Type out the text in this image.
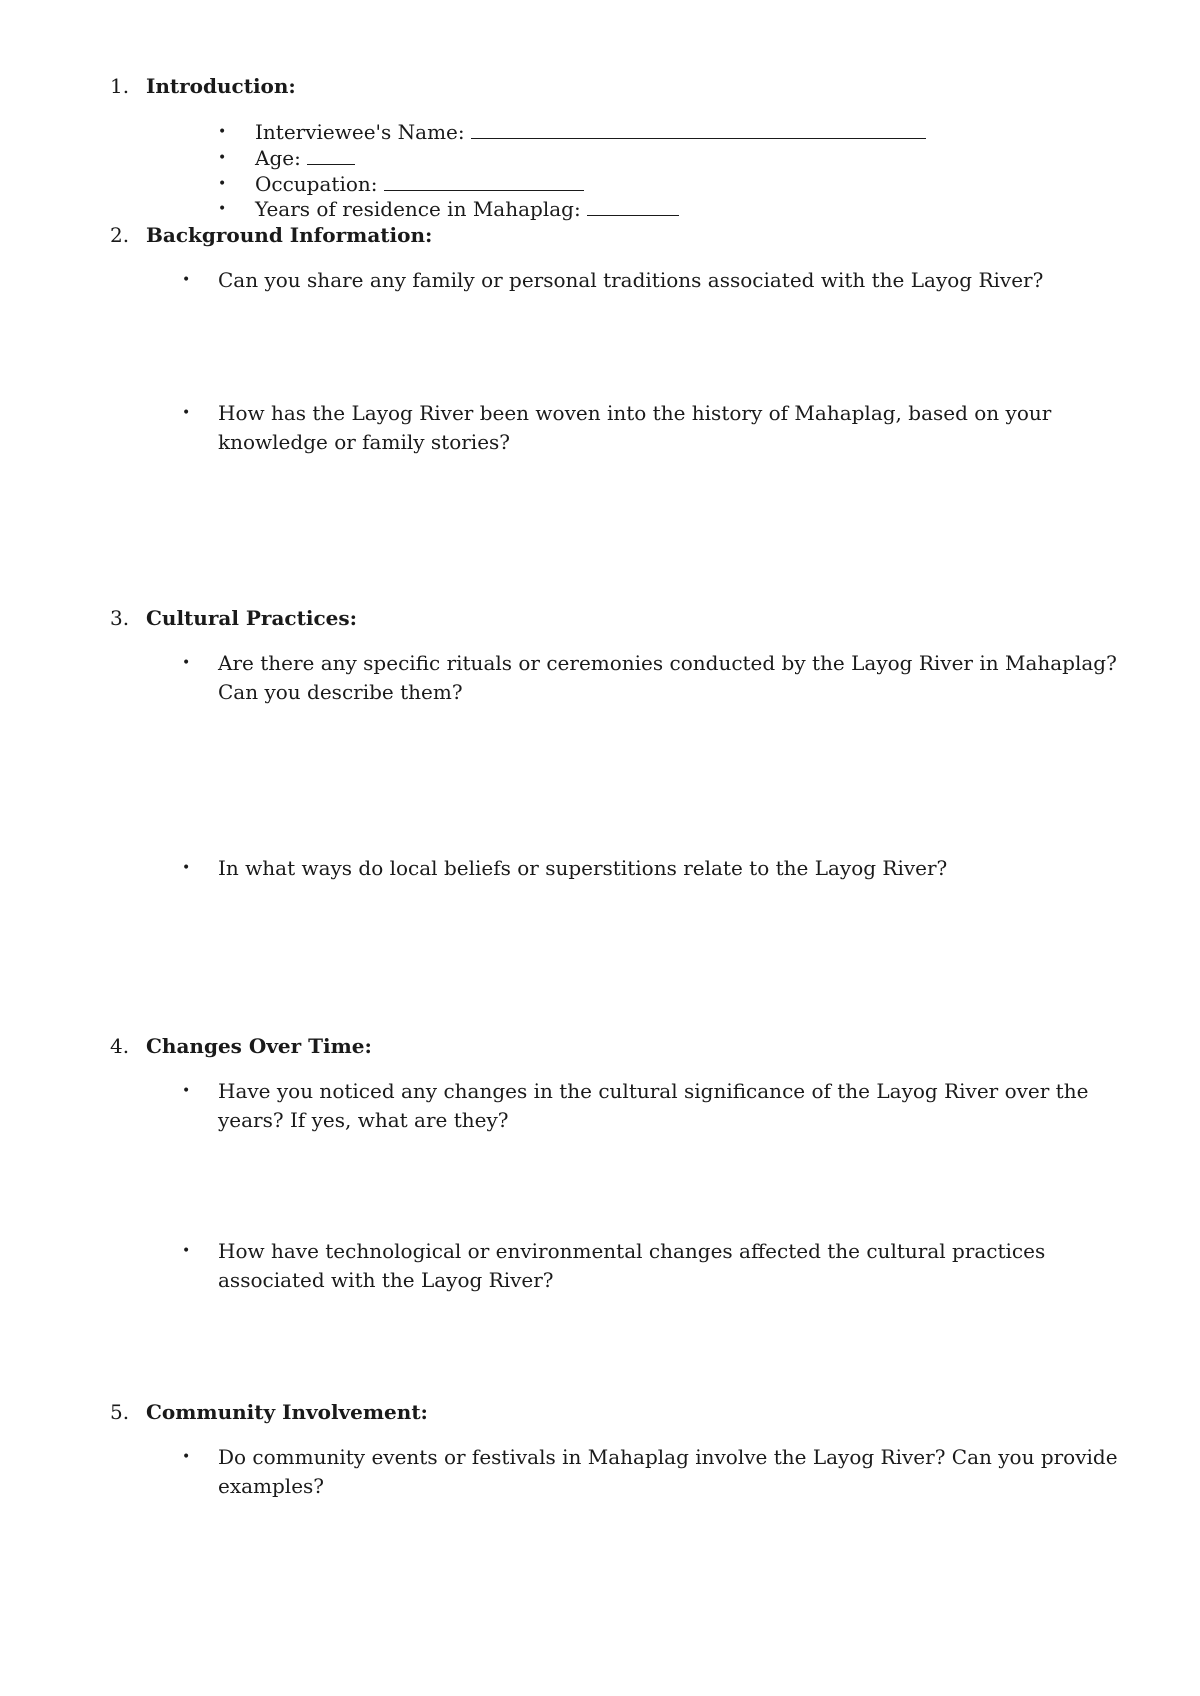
1. Introduction:
• Interviewee's Name:
• Age:
• Occupation:
• Years of residence in Mahaplag:
2. Background Information:
• Can you share any family or personal traditions associated with the Layog River?
• How has the Layog River been woven into the history of Mahaplag, based on your knowledge or family stories?
3. Cultural Practices:
• Are there any specific rituals or ceremonies conducted by the Layog River in Mahaplag? Can you describe them?
• In what ways do local beliefs or superstitions relate to the Layog River?
4. Changes Over Time:
• Have you noticed any changes in the cultural significance of the Layog River over the years? If yes, what are they?
• How have technological or environmental changes affected the cultural practices associated with the Layog River?
5. Community Involvement:
• Do community events or festivals in Mahaplag involve the Layog River? Can you provide examples?
